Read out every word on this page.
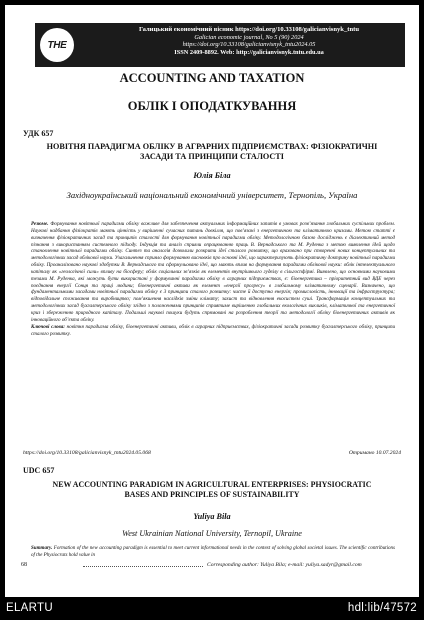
ТНЕ
Галицький економічний вісник https://doi.org/10.33108/galicianvisnyk_tntu
Galician economic journal, No 5 (90) 2024
https://doi.org/10.33108/galicianvisnyk_tntu2024.05
ISSN 2409-8892. Web: http://galicianvisnyk.tntu.edu.ua
ACCOUNTING AND TAXATION
ОБЛІК І ОПОДАТКУВАННЯ
УДК 657
НОВІТНЯ ПАРАДИГМА ОБЛІКУ В АГРАРНИХ ПІДПРИЄМСТВАХ: ФІЗІОКРАТИЧНІ ЗАСАДИ ТА ПРИНЦИПИ СТАЛОСТІ
Юлія Біла
Західноукраїнський національний економічний університет, Тернопіль, Україна
Резюме. Формування новітньої парадигми обліку важливе для забезпечення актуальних інформаційних запитів в умовах розв’язання глобальних суспільних проблем. Наукові надбання фізіократів мають цінність у вирішенні сучасних питань довкілля, що пов’язані з енергетичною та кліматичною кризами. Метою статті є визначення фізіократичних засад та принципів сталості для формування новітньої парадигми обліку. Методологічною базою досліджень є діалектичний метод пізнання з використанням системного підходу. Індукція та аналіз сприяли опрацюванню праць В. Вернадського та М. Руденка з метою виявлення ідей щодо становлення новітньої парадигми обліку. Синтез та аналогія дозволили розкрити ідеї сталого розвитку, що враховано при створенні нових концептуальних та методологічних засад облікової науки. Узагальнення сприяло формуванню висновків про основні ідеї, що характеризують фізіократичну доктрину новітньої парадигми обліку. Проаналізовано наукові здобутки В. Вернадського та сформульовано ідеї, що мають вплив на формування парадигми облікової науки: облік інтелектуального капіталу як «геологічної сили» впливу на біосферу; облік соціальних зв’язків як елементів внутрішнього гудвілу в сільгоспфірмі. Виявлено, що основними науковими тезами М. Руденка, які можуть бути використані у формуванні парадигми обліку в аграрних підприємствах, є: біоенергетика – пріоритетний вид ВДЕ через поєднання енергії Сонця та праці людини; біоенергетичні активи як елемент «енергії прогресу» в глобальному кліматичному сценарії. Визначено, що фундаментальними засадами новітньої парадигми обліку є 3 принципи сталого розвитку: чисте й доступна енергія; промисловість, інновації та інфраструктура; відповідальне споживання та виробництво; пом’якшення наслідків зміни клімату; захист та відновлення екосистем суші. Трансформація концептуальних та методологічних засад бухгалтерського обліку згідно з положеннями принципів сприятиме вирішенню глобальних екологічних викликів, кліматичної та енергетичної криз і збереженню природного капіталу. Подальші наукові пошуки будуть спрямовані на розроблення теорії та методології обліку біоенергетичних активів як інноваційного об’єкта обліку.
Ключові слова: новітня парадигма обліку, біоенергетичні активи, облік в аграрних підприємствах, фізіократичні засади розвитку бухгалтерського обліку, принципи сталого розвитку.
https://doi.org/10.33108/galicianvisnyk_tntu2024.05.068	Отримано 10.07.2024
UDC 657
NEW ACCOUNTING PARADIGM IN AGRICULTURAL ENTERPRISES: PHYSIOCRATIC BASES AND PRINCIPLES OF SUSTAINABILITY
Yuliya Bila
West Ukrainian National University, Ternopil, Ukraine
Summary. Formation of the new accounting paradigm is essential to meet current informational needs in the context of solving global societal issues. The scientific contributions of the Physiocrats hold value in
68	Corresponding author: Yuliya Bila; e-mail: yuliya.sadyr@gmail.com
ELARTU	hdl:lib/47572
